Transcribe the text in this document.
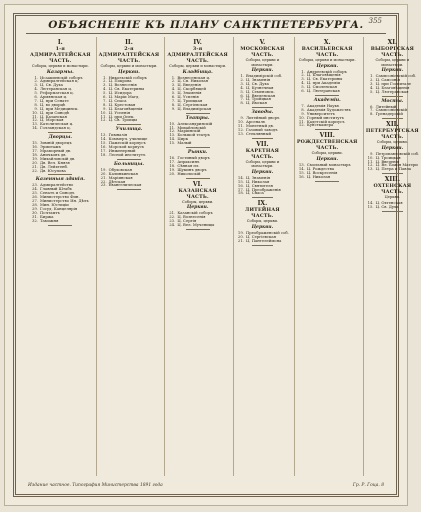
ОБЪЯСНЕНІЕ КЪ ПЛАНУ САНКТПЕТЕРБУРГА. 355
I.
1-я АДМИРАЛТЕЙСКАЯ ЧАСТЬ.
Соборы, церкви и монастыри.
Казармы.
1. Исаакиевскій соборъ
2. Адмиралтейская ц.
3. Ц. Св. Духа
4. Лютеранская ц.
5. Реформатская ц.
6. Армянская ц.
7. Ц. при Сенате
8. Ц. во дворцѣ
9. Ц. при Медицинск.
10. Ц. при Синодѣ
11. Ц. Казанская
12. Ц. Морская
13. Католическая ц.
14. Голландская ц.
Дворцы.
15. Зимній дворецъ
16. Эрмитажъ
17. Мраморный дв.
18. Аничковъ дв.
19. Михайловскій дв.
20. Дв. Вел. Князя
21. Дв. Лейхтенб.
22. Дв. Юсупова
Казенныя зданія.
23. Адмиралтейство
24. Главный Штабъ
25. Сенатъ и Синодъ
26. Министерство Фин.
27. Министерство Ин. Дѣлъ
28. Мин. Юстиціи
29. Госуд. Канцелярія
30. Почтамтъ
31. Биржа
32. Таможня
II.
2-я АДМИРАЛТЕЙСКАЯ ЧАСТЬ.
Соборы, церкви и монастыри.
Церкви.
1. Никольскій соборъ
2. Ц. Покрова
3. Ц. Вознесенія
4. Ц. Св. Екатерины
5. Ц. Исидора
6. Ц. Маріи Магд.
7. Ц. Спаса
8. Ц. Крестовая
9. Ц. Благовѣщенія
10. Ц. Успенія
11. Ц. при Опек.
12. Ц. Св. Троицы
Училища.
13. Гимназія
14. Коммерч. училище
15. Пажескій корпусъ
16. Морской корпусъ
17. Инженерный
18. Лесной институтъ
Больницы.
19. Обуховская
20. Калинкинская
21. Маріинская
22. Дѣтская
23. Евангелическая
IV.
3-я АДМИРАЛТЕЙСКАЯ ЧАСТЬ.
Соборы, церкви и монастыри.
Кладбища.
1. Вознесенская ц.
2. Ц. Св. Николая
3. Ц. Введенія
4. Ц. Скорбящей
5. Ц. Знаменія
6. Ц. Успенія
7. Ц. Троицкая
8. Ц. Сергіевская
9. Ц. Владимірская
Театры.
10. Александринскій
11. Михайловскій
12. Маріинскій
13. Большой театръ
14. Цирк
15. Малый
Рынки.
16. Гостиный дворъ
17. Апраксинъ
18. Сѣнная пл.
19. Щукинъ дворъ
20. Никольскій
VI.
КАЗАНСКАЯ ЧАСТЬ.
Соборы, церкви.
Церкви.
21. Казанскій соборъ
22. Ц. Вознесенія
23. Ц. Сергія
24. Ц. Вел. Мученицы
V.
МОСКОВСКАЯ ЧАСТЬ.
Соборы, церкви и монастыри.
Церкви.
1. Владимірскій соб.
2. Ц. Знаменія
3. Ц. Св. Духа
4. Ц. Кузнечная
5. Ц. Семеновск.
6. Ц. Введенская
7. Ц. Троицкая
8. Ц. Ямская
Заводы.
9. Литейный дворъ
10. Арсеналъ
11. Монетный дв.
12. Газовый заводъ
13. Стеклянный
VII.
КАРЕТНАЯ ЧАСТЬ.
Соборы, церкви и монастыри.
Церкви.
14. Ц. Знаменія
15. Ц. Николая
16. Ц. Святителя
17. Ц. Преображенія
18. Ц. Спаса
IX.
ЛИТЕЙНАЯ ЧАСТЬ.
Соборы, церкви.
Церкви.
19. Преображенскій соб.
20. Ц. Сергіевская
21. Ц. Пантелеймона
X.
ВАСИЛЬЕВСКАЯ ЧАСТЬ.
Соборы, церкви и монастыри.
Церкви.
1. Андреевскій соборъ
2. Ц. Благовѣщенія
3. Ц. Св. Екатерины
4. Ц. при Академіи
5. Ц. Смоленская
6. Ц. Лютеранская
Академіи.
7. Академія Наукъ
8. Академія Художествъ
9. Университетъ
10. Горный институтъ
11. Кадетскій корпусъ
12. Кунсткамера
VIII.
РОЖДЕСТВЕНСКАЯ ЧАСТЬ.
Соборы, церкви.
Церкви.
13. Смольный монастырь
14. Ц. Рождества
15. Ц. Воскресенія
16. Ц. Николая
XI.
ВЫБОРГСКАЯ ЧАСТЬ.
Соборы, церкви и монастыри.
Церкви.
1. Сампсоніевскій соб.
2. Ц. Самсонія
3. Ц. при Госпитале
4. Ц. Благовѣщенія
5. Ц. Лютеранская
Мосты.
6. Литейный
7. Сампсоніевскій
8. Гренадерскій
XII.
ПЕТЕРБУРГСКАЯ ЧАСТЬ.
Соборы, церкви.
Церкви.
9. Петропавловскій соб.
10. Ц. Троицкая
11. Ц. Введенія
12. Ц. Вл. Божія Матери
13. Ц. Петра и Павла
XIII.
ОХТЕНСКАЯ ЧАСТЬ.
Церкви.
14. Ц. Охтенская
15. Ц. Св. Духа
Издание частное. Типография Министерства 1891 года	Гр. Р. Гоца. 8
